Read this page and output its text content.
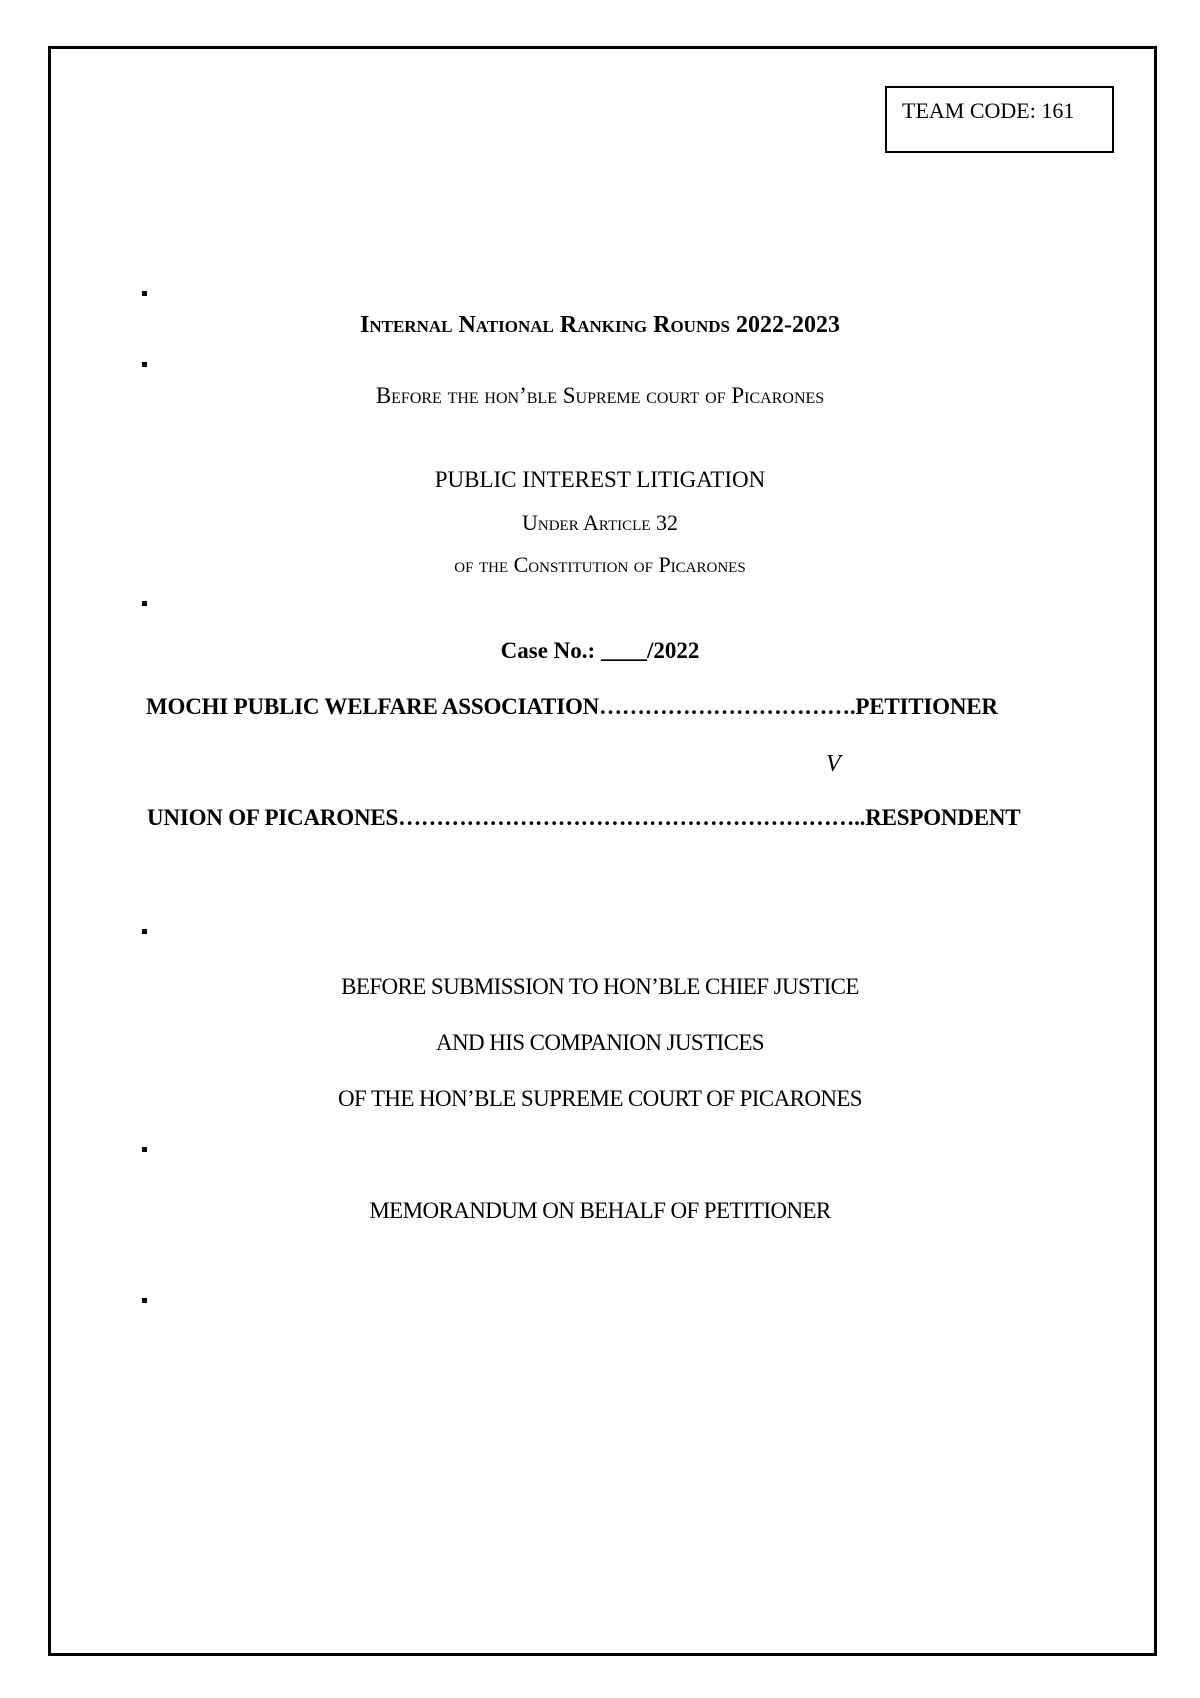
TEAM CODE: 161
Internal National Ranking Rounds 2022-2023
Before the hon’ble Supreme court of Picarones
PUBLIC INTEREST LITIGATION
Under Article 32
of the Constitution of Picarones
Case No.: ____/2022
MOCHI PUBLIC WELFARE ASSOCIATION…………………………….PETITIONER
V
UNION OF PICARONES……………………………………………………..RESPONDENT
BEFORE SUBMISSION TO HON’BLE CHIEF JUSTICE
AND HIS COMPANION JUSTICES
OF THE HON’BLE SUPREME COURT OF PICARONES
MEMORANDUM ON BEHALF OF PETITIONER
